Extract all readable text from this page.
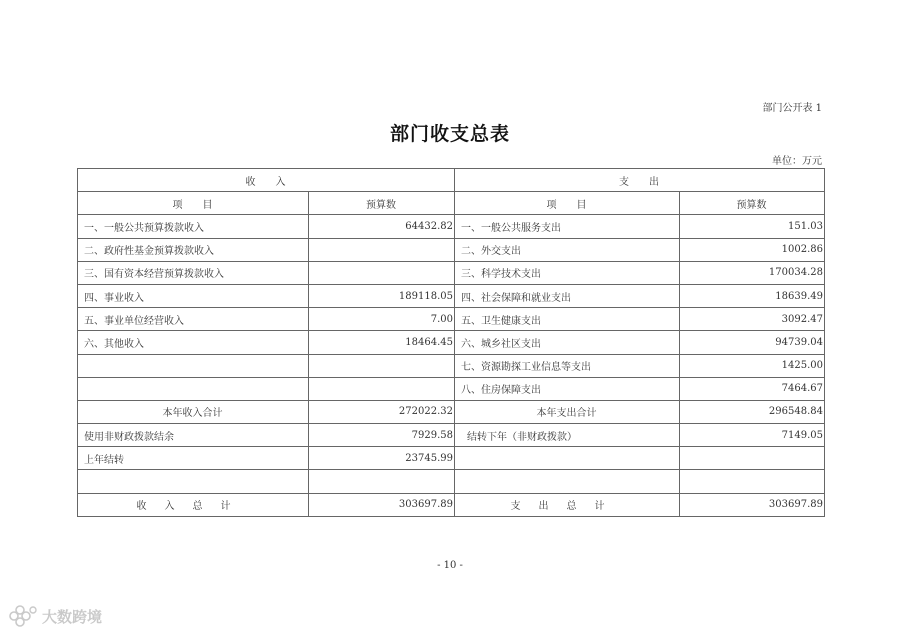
部门公开表 1
部门收支总表
单位：万元
收　　入		支　　出	
项　　目	预算数	项　　目	预算数
一、一般公共预算拨款收入	64432.82	一、一般公共服务支出	151.03
二、政府性基金预算拨款收入		二、外交支出	1002.86
三、国有资本经营预算拨款收入		三、科学技术支出	170034.28
四、事业收入	189118.05	四、社会保障和就业支出	18639.49
五、事业单位经营收入	7.00	五、卫生健康支出	3092.47
六、其他收入	18464.45	六、城乡社区支出	94739.04
		七、资源勘探工业信息等支出	1425.00
		八、住房保障支出	7464.67
本年收入合计	272022.32	本年支出合计	296548.84
使用非财政拨款结余	7929.58	结转下年（非财政拨款）	7149.05
上年结转	23745.99		

收入总计	303697.89	支出总计	303697.89
- 10 -
大数跨境
